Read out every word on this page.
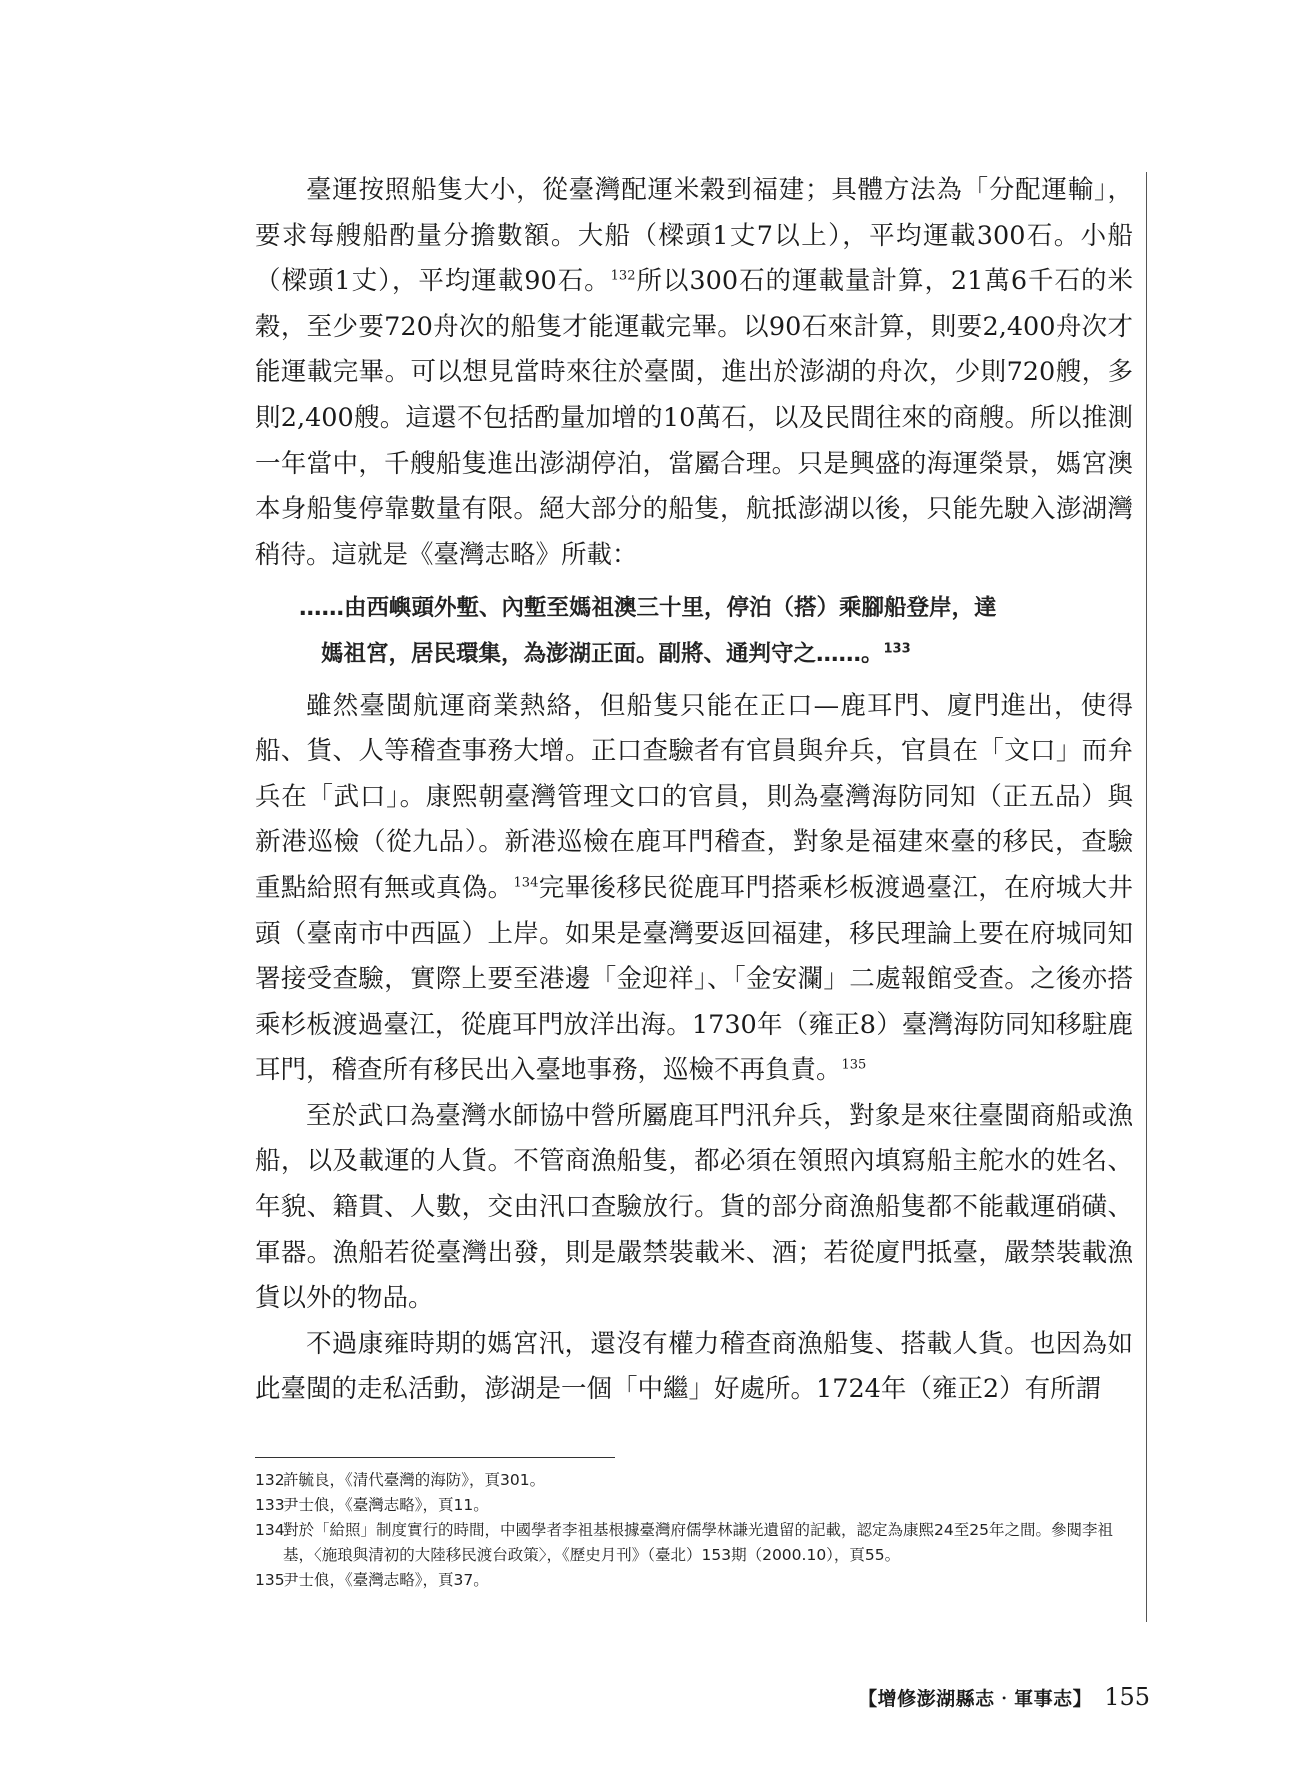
臺運按照船隻大小，從臺灣配運米穀到福建；具體方法為「分配運輸」，要求每艘船酌量分擔數額。大船（樑頭1丈7以上），平均運載300石。小船（樑頭1丈），平均運載90石。$^{132}$所以300石的運載量計算，21萬6千石的米穀，至少要720舟次的船隻才能運載完畢。以90石來計算，則要2,400舟次才能運載完畢。可以想見當時來往於臺閩，進出於澎湖的舟次，少則720艘，多則2,400艘。這還不包括酌量加增的10萬石，以及民間往來的商艘。所以推測一年當中，千艘船隻進出澎湖停泊，當屬合理。只是興盛的海運榮景，媽宮澳本身船隻停靠數量有限。絕大部分的船隻，航抵澎湖以後，只能先駛入澎湖灣稍待。這就是《臺灣志略》所載：

……由西嶼頭外塹、內塹至媽祖澳三十里，停泊（搭）乘腳船登岸，達
媽祖宮，居民環集，為澎湖正面。副將、通判守之……。$^{133}$

雖然臺閩航運商業熱絡，但船隻只能在正口—鹿耳門、廈門進出，使得船、貨、人等稽查事務大增。正口查驗者有官員與弁兵，官員在「文口」而弁兵在「武口」。康熙朝臺灣管理文口的官員，則為臺灣海防同知（正五品）與新港巡檢（從九品）。新港巡檢在鹿耳門稽查，對象是福建來臺的移民，查驗重點給照有無或真偽。$^{134}$完畢後移民從鹿耳門搭乘杉板渡過臺江，在府城大井頭（臺南市中西區）上岸。如果是臺灣要返回福建，移民理論上要在府城同知署接受查驗，實際上要至港邊「金迎祥」、「金安瀾」二處報館受查。之後亦搭乘杉板渡過臺江，從鹿耳門放洋出海。1730年（雍正8）臺灣海防同知移駐鹿耳門，稽查所有移民出入臺地事務，巡檢不再負責。$^{135}$

至於武口為臺灣水師協中營所屬鹿耳門汛弁兵，對象是來往臺閩商船或漁船，以及載運的人貨。不管商漁船隻，都必須在領照內填寫船主舵水的姓名、年貌、籍貫、人數，交由汛口查驗放行。貨的部分商漁船隻都不能載運硝磺、軍器。漁船若從臺灣出發，則是嚴禁裝載米、酒；若從廈門抵臺，嚴禁裝載漁貨以外的物品。

不過康雍時期的媽宮汛，還沒有權力稽查商漁船隻、搭載人貨。也因為如此臺閩的走私活動，澎湖是一個「中繼」好處所。1724年（雍正2）有所謂

132
許毓良，《清代臺灣的海防》，頁301。
133
尹士俍，《臺灣志略》，頁11。
134
對於「給照」制度實行的時間，中國學者李祖基根據臺灣府儒學林謙光遺留的記載，認定為康熙24至25年之間。參閱李祖基，〈施琅與清初的大陸移民渡台政策〉，《歷史月刊》（臺北）153期（2000.10），頁55。
135
尹士俍，《臺灣志略》，頁37。
【增修澎湖縣志‧軍事志】 155
